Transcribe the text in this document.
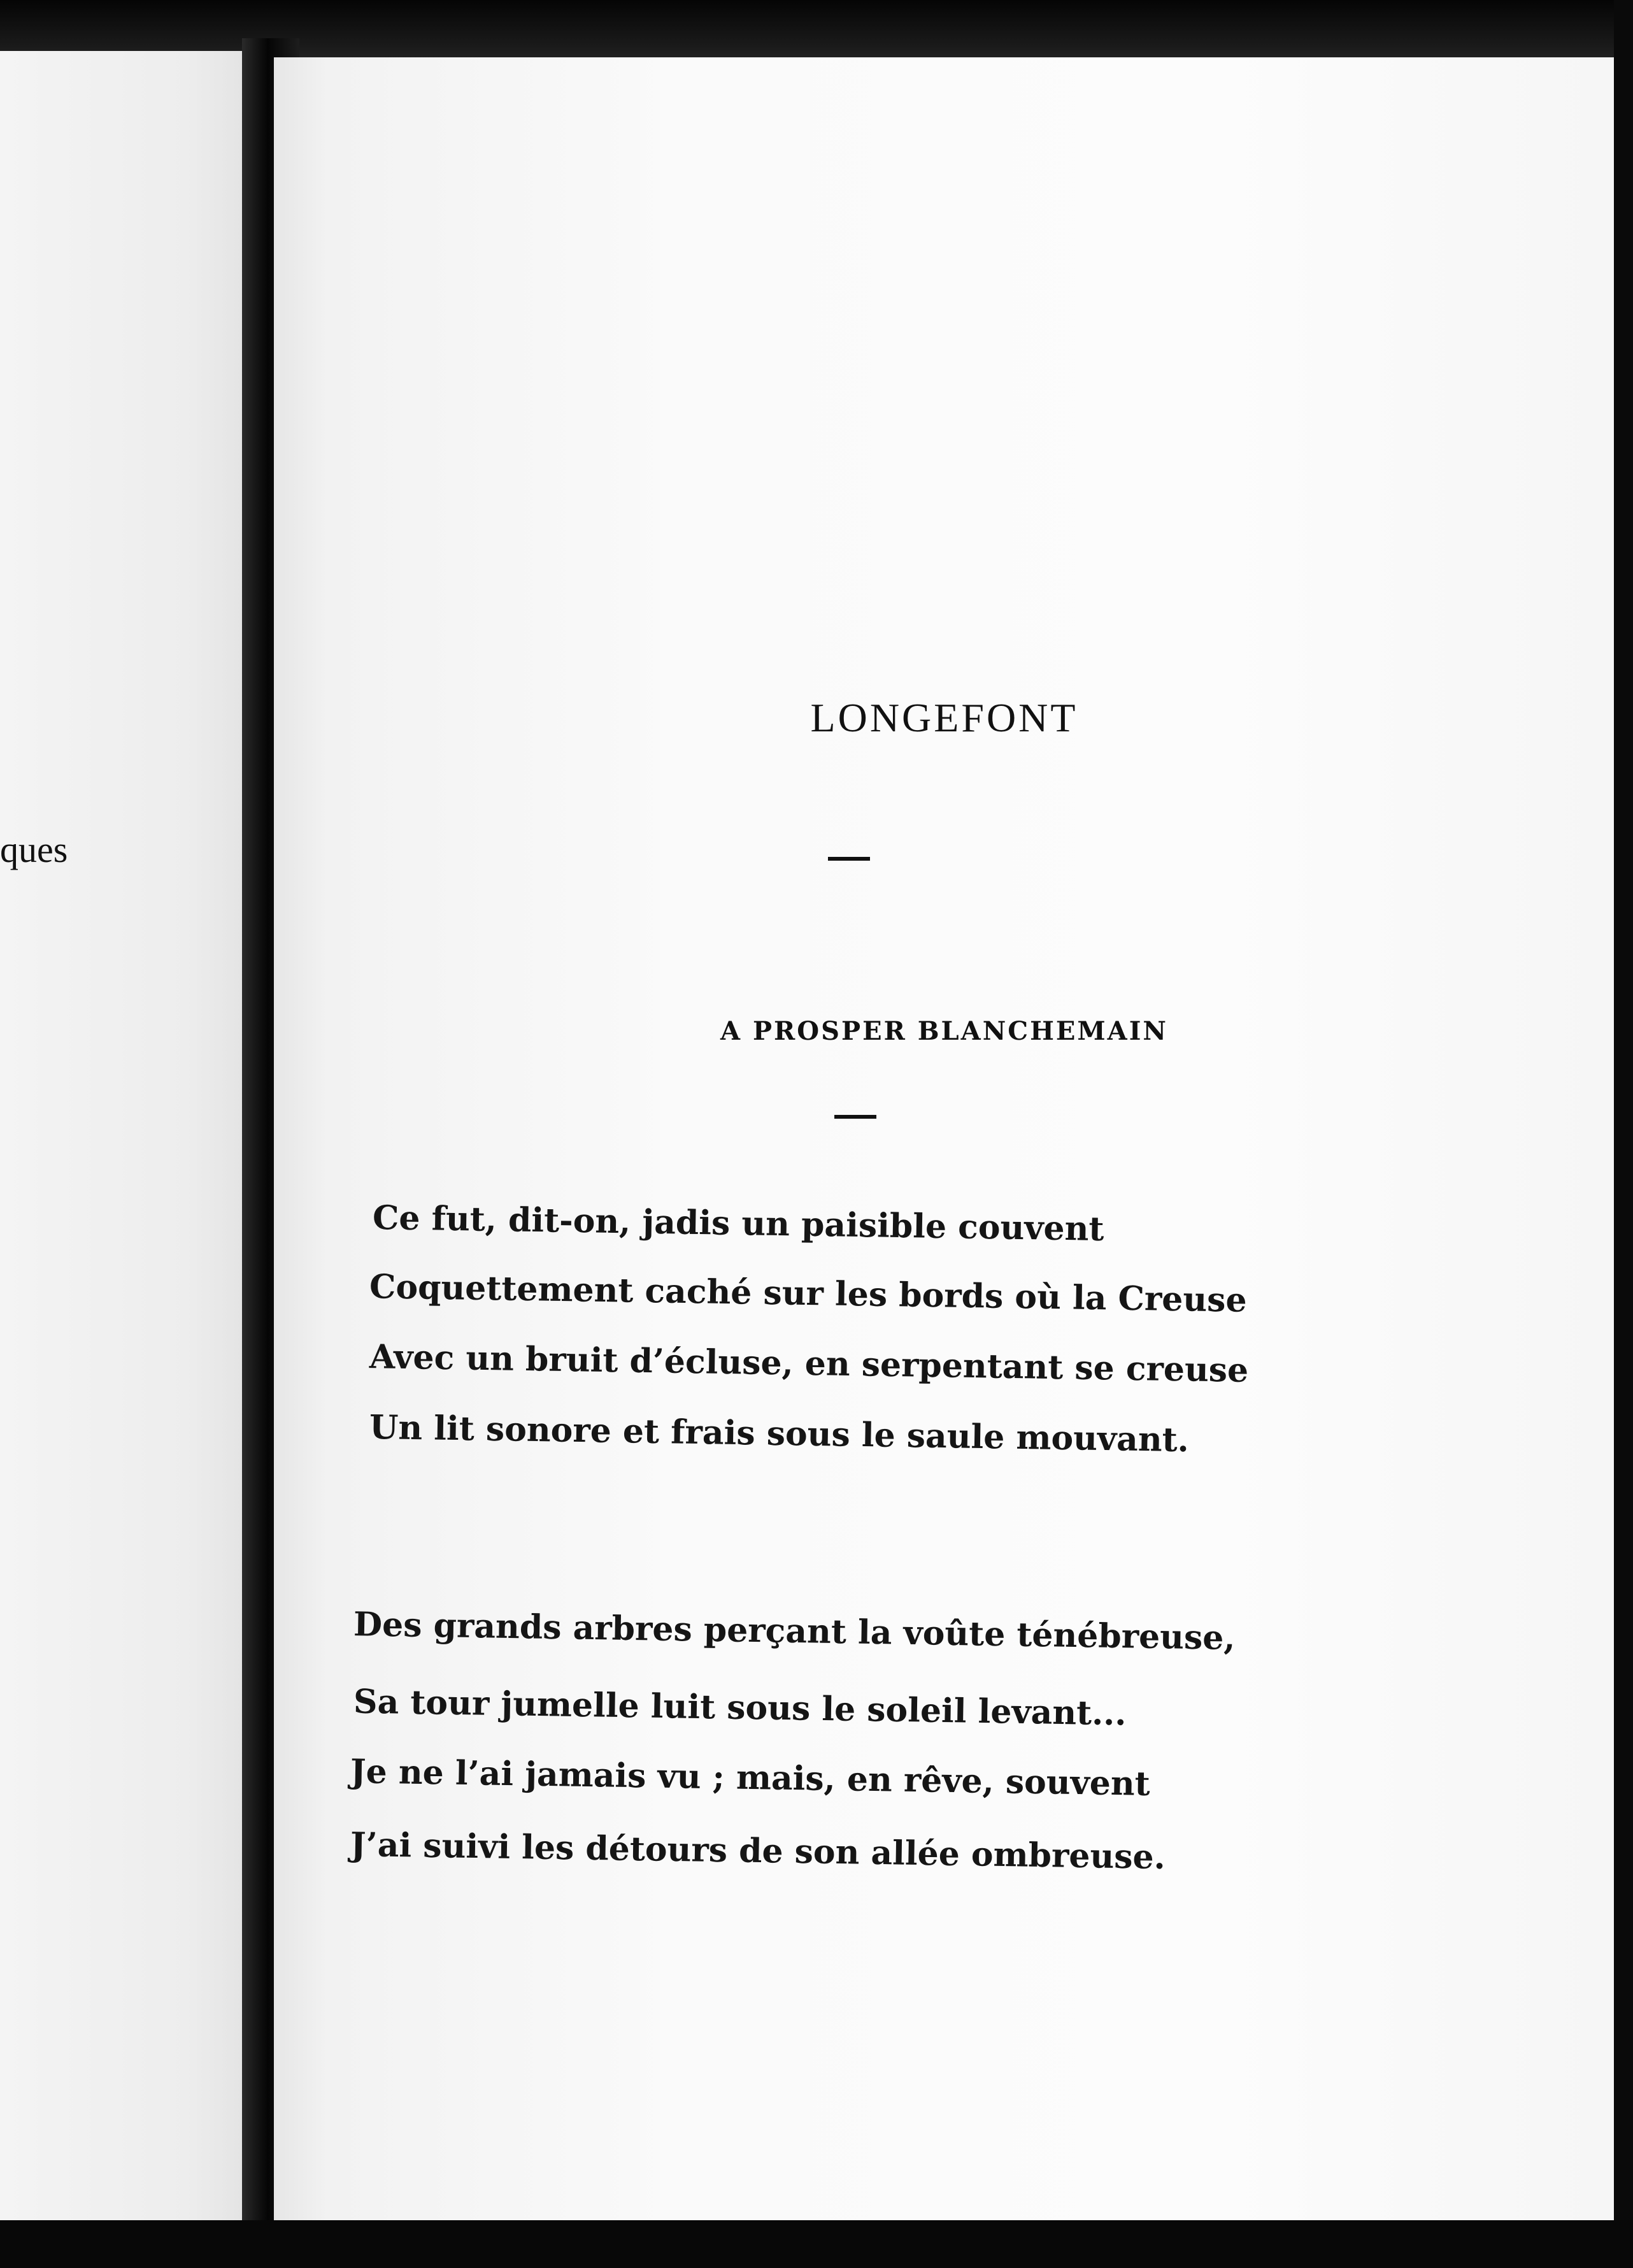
ques
LONGEFONT
A PROSPER BLANCHEMAIN
Ce fut, dit-on, jadis un paisible couvent
Coquettement caché sur les bords où la Creuse
Avec un bruit d’écluse, en serpentant se creuse
Un lit sonore et frais sous le saule mouvant.
Des grands arbres perçant la voûte ténébreuse,
Sa tour jumelle luit sous le soleil levant...
Je ne l’ai jamais vu ; mais, en rêve, souvent
J’ai suivi les détours de son allée ombreuse.
